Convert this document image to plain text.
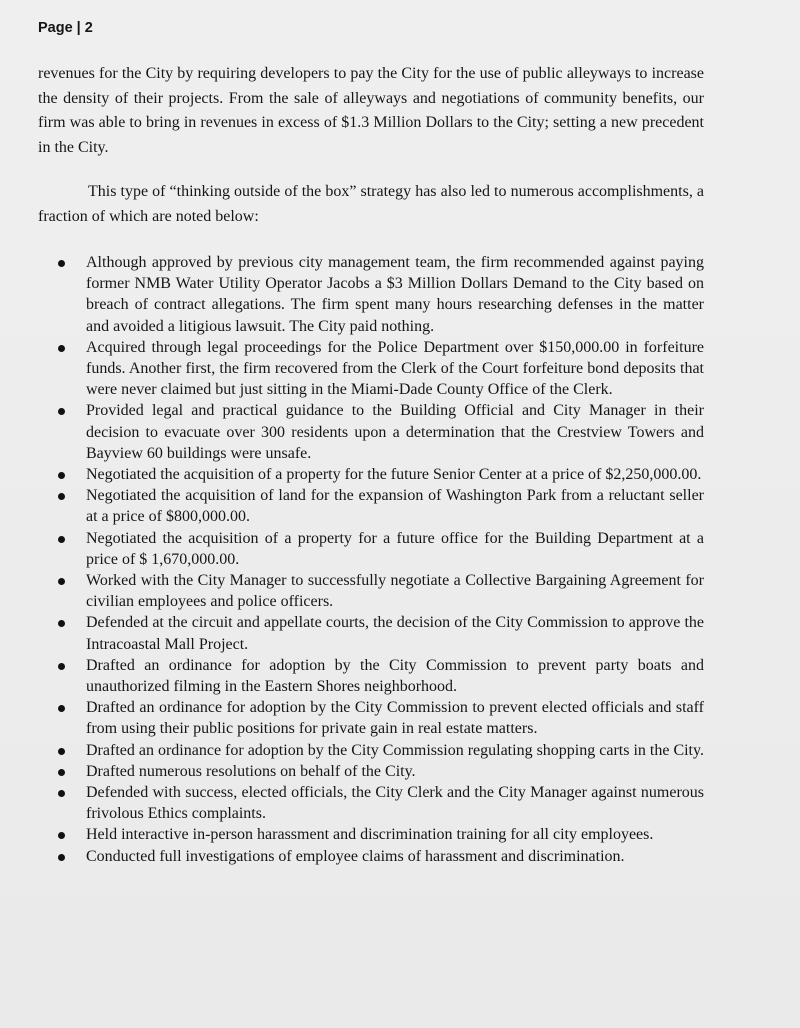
Page | 2

revenues for the City by requiring developers to pay the City for the use of public alleyways to increase the density of their projects. From the sale of alleyways and negotiations of community benefits, our firm was able to bring in revenues in excess of $1.3 Million Dollars to the City; setting a new precedent in the City.

This type of “thinking outside of the box” strategy has also led to numerous accomplishments, a fraction of which are noted below:

Although approved by previous city management team, the firm recommended against paying former NMB Water Utility Operator Jacobs a $3 Million Dollars Demand to the City based on breach of contract allegations. The firm spent many hours researching defenses in the matter and avoided a litigious lawsuit. The City paid nothing.
Acquired through legal proceedings for the Police Department over $150,000.00 in forfeiture funds. Another first, the firm recovered from the Clerk of the Court forfeiture bond deposits that were never claimed but just sitting in the Miami-Dade County Office of the Clerk.
Provided legal and practical guidance to the Building Official and City Manager in their decision to evacuate over 300 residents upon a determination that the Crestview Towers and Bayview 60 buildings were unsafe.
Negotiated the acquisition of a property for the future Senior Center at a price of $2,250,000.00.
Negotiated the acquisition of land for the expansion of Washington Park from a reluctant seller at a price of $800,000.00.
Negotiated the acquisition of a property for a future office for the Building Department at a price of $ 1,670,000.00.
Worked with the City Manager to successfully negotiate a Collective Bargaining Agreement for civilian employees and police officers.
Defended at the circuit and appellate courts, the decision of the City Commission to approve the Intracoastal Mall Project.
Drafted an ordinance for adoption by the City Commission to prevent party boats and unauthorized filming in the Eastern Shores neighborhood.
Drafted an ordinance for adoption by the City Commission to prevent elected officials and staff from using their public positions for private gain in real estate matters.
Drafted an ordinance for adoption by the City Commission regulating shopping carts in the City.
Drafted numerous resolutions on behalf of the City.
Defended with success, elected officials, the City Clerk and the City Manager against numerous frivolous Ethics complaints.
Held interactive in-person harassment and discrimination training for all city employees.
Conducted full investigations of employee claims of harassment and discrimination.
